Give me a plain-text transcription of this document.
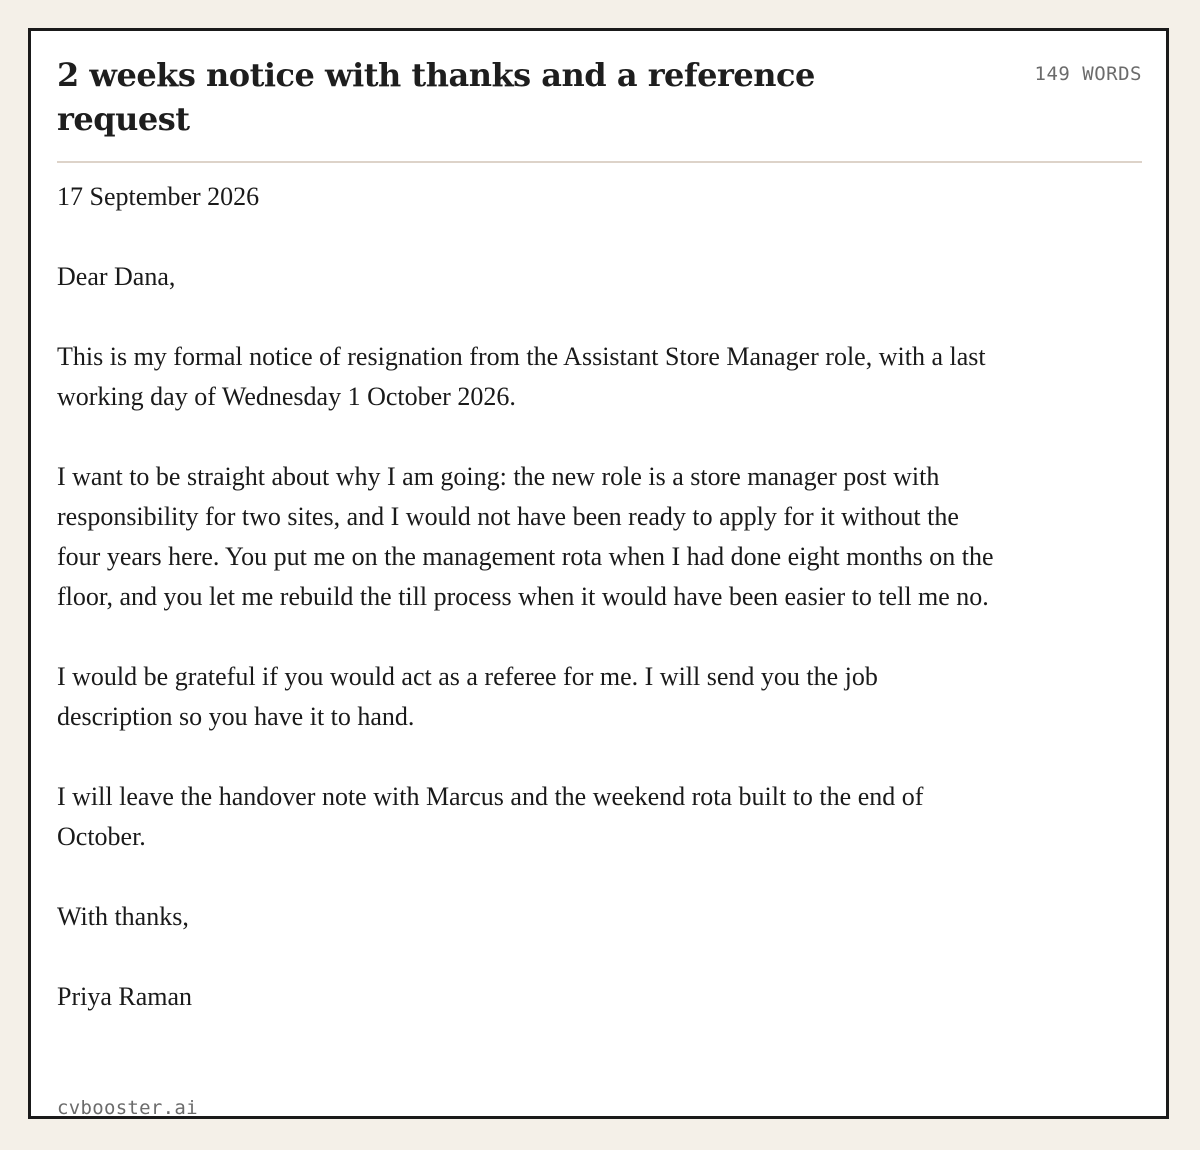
2 weeks notice with thanks and a reference request
149 WORDS

17 September 2026

Dear Dana,

This is my formal notice of resignation from the Assistant Store Manager role, with a last working day of Wednesday 1 October 2026.

I want to be straight about why I am going: the new role is a store manager post with responsibility for two sites, and I would not have been ready to apply for it without the four years here. You put me on the management rota when I had done eight months on the floor, and you let me rebuild the till process when it would have been easier to tell me no.

I would be grateful if you would act as a referee for me. I will send you the job description so you have it to hand.

I will leave the handover note with Marcus and the weekend rota built to the end of October.

With thanks,

Priya Raman

cvbooster.ai
